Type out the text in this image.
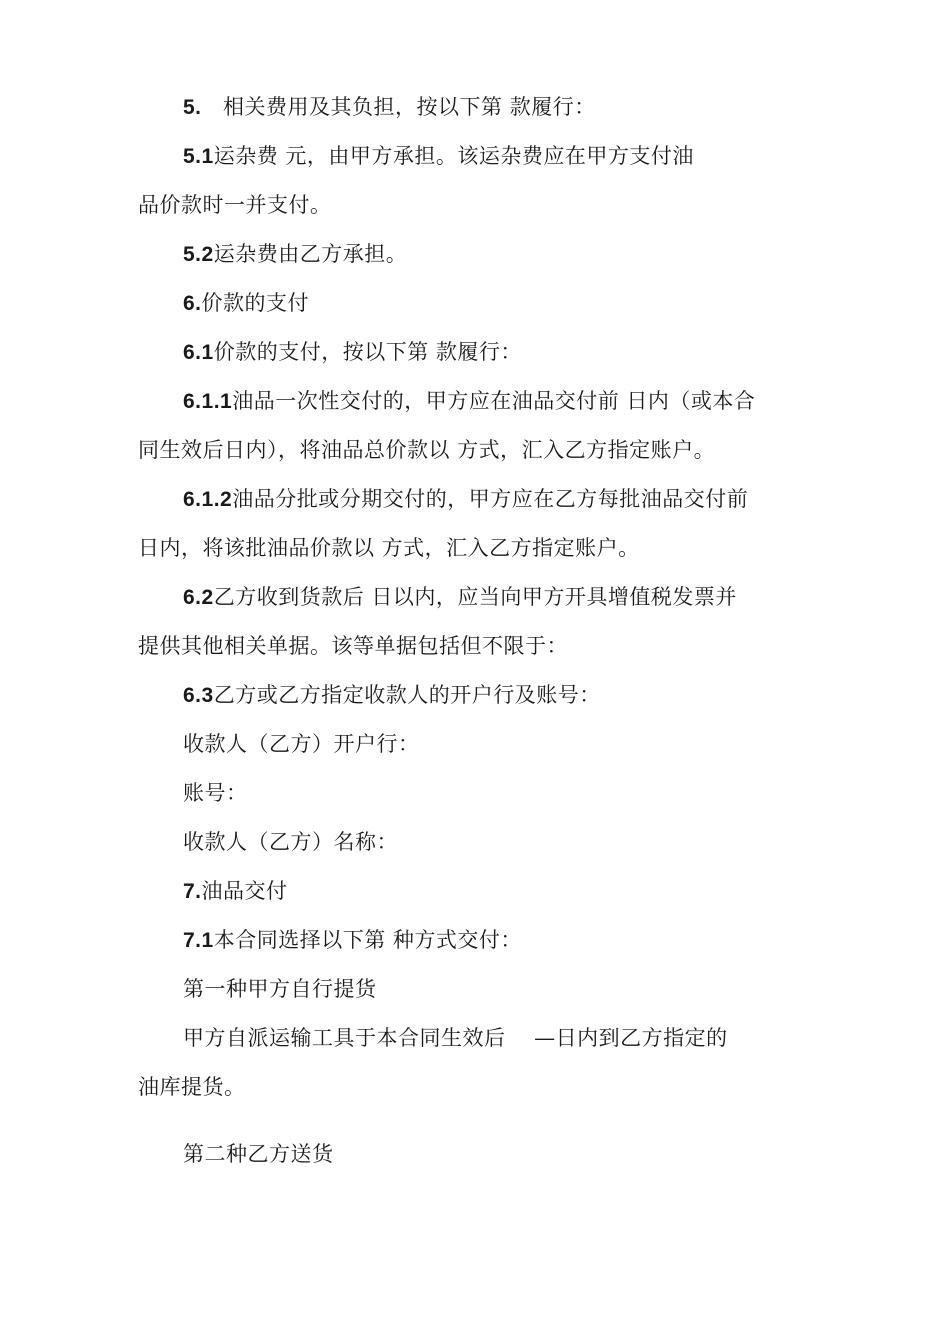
5.　相关费用及其负担，按以下第 款履行：
5.1运杂费 元，由甲方承担。该运杂费应在甲方支付油
品价款时一并支付。
5.2运杂费由乙方承担。
6.价款的支付
6.1价款的支付，按以下第 款履行：
6.1.1油品一次性交付的，甲方应在油品交付前 日内（或本合
同生效后日内），将油品总价款以 方式，汇入乙方指定账户。
6.1.2油品分批或分期交付的，甲方应在乙方每批油品交付前
日内，将该批油品价款以 方式，汇入乙方指定账户。
6.2乙方收到货款后 日以内，应当向甲方开具增值税发票并
提供其他相关单据。该等单据包括但不限于：
6.3乙方或乙方指定收款人的开户行及账号：
收款人（乙方）开户行：
账号：
收款人（乙方）名称：
7.油品交付
7.1本合同选择以下第 种方式交付：
第一种甲方自行提货
甲方自派运输工具于本合同生效后　 —日内到乙方指定的
油库提货。
第二种乙方送货
